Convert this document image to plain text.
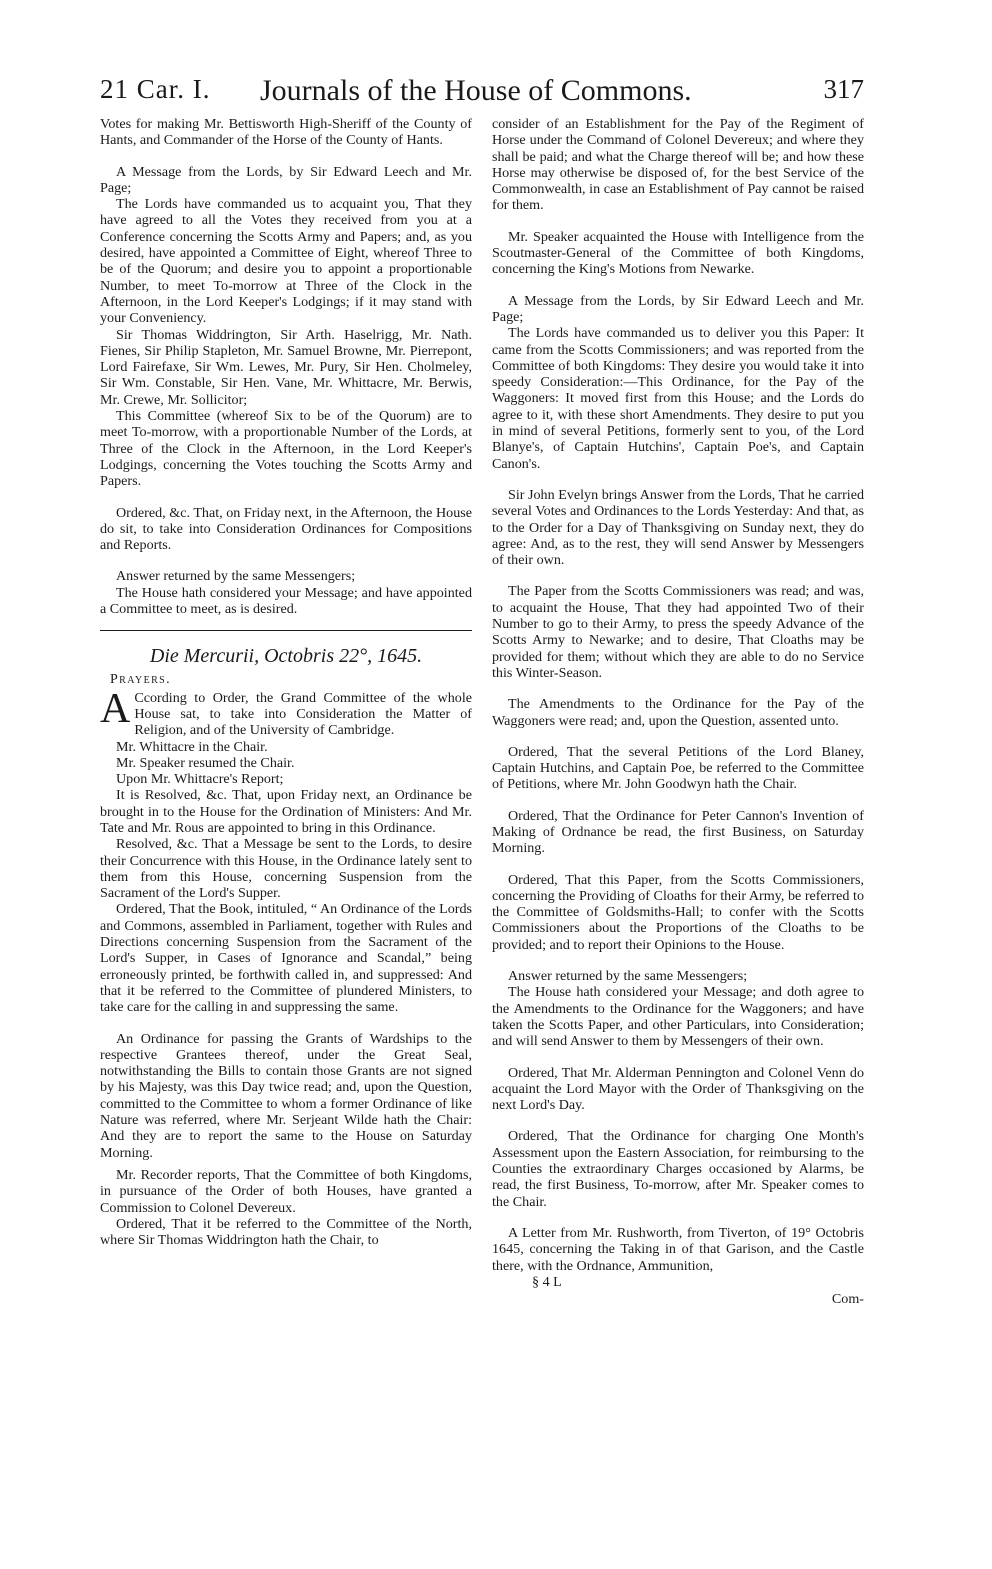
21 Car. I. Journals of the House of Commons.	317

Votes for making Mr. Bettisworth High-Sheriff of the County of Hants, and Commander of the Horse of the County of Hants.

A Message from the Lords, by Sir Edward Leech and Mr. Page;

The Lords have commanded us to acquaint you, That they have agreed to all the Votes they received from you at a Conference concerning the Scotts Army and Papers; and, as you desired, have appointed a Committee of Eight, whereof Three to be of the Quorum; and desire you to appoint a proportionable Number, to meet To-morrow at Three of the Clock in the Afternoon, in the Lord Keeper's Lodgings; if it may stand with your Conveniency.

Sir Thomas Widdrington, Sir Arth. Haselrigg, Mr. Nath. Fienes, Sir Philip Stapleton, Mr. Samuel Browne, Mr. Pierrepont, Lord Fairefaxe, Sir Wm. Lewes, Mr. Pury, Sir Hen. Cholmeley, Sir Wm. Constable, Sir Hen. Vane, Mr. Whittacre, Mr. Berwis, Mr. Crewe, Mr. Sollicitor;

This Committee (whereof Six to be of the Quorum) are to meet To-morrow, with a proportionable Number of the Lords, at Three of the Clock in the Afternoon, in the Lord Keeper's Lodgings, concerning the Votes touching the Scotts Army and Papers.

Ordered, &c. That, on Friday next, in the Afternoon, the House do sit, to take into Consideration Ordinances for Compositions and Reports.

Answer returned by the same Messengers;

The House hath considered your Message; and have appointed a Committee to meet, as is desired.

Die Mercurii, Octobris 22°, 1645.
Prayers.

A Ccording to Order, the Grand Committee of the whole House sat, to take into Consideration the Matter of Religion, and of the University of Cambridge.

Mr. Whittacre in the Chair.

Mr. Speaker resumed the Chair.

Upon Mr. Whittacre's Report;

It is Resolved, &c. That, upon Friday next, an Ordinance be brought in to the House for the Ordination of Ministers: And Mr. Tate and Mr. Rous are appointed to bring in this Ordinance.

Resolved, &c. That a Message be sent to the Lords, to desire their Concurrence with this House, in the Ordinance lately sent to them from this House, concerning Suspension from the Sacrament of the Lord's Supper.

Ordered, That the Book, intituled, “ An Ordinance of the Lords and Commons, assembled in Parliament, together with Rules and Directions concerning Suspension from the Sacrament of the Lord's Supper, in Cases of Ignorance and Scandal,” being erroneously printed, be forthwith called in, and suppressed: And that it be referred to the Committee of plundered Ministers, to take care for the calling in and suppressing the same.

An Ordinance for passing the Grants of Wardships to the respective Grantees thereof, under the Great Seal, notwithstanding the Bills to contain those Grants are not signed by his Majesty, was this Day twice read; and, upon the Question, committed to the Committee to whom a former Ordinance of like Nature was referred, where Mr. Serjeant Wilde hath the Chair: And they are to report the same to the House on Saturday Morning.

Mr. Recorder reports, That the Committee of both Kingdoms, in pursuance of the Order of both Houses, have granted a Commission to Colonel Devereux.

Ordered, That it be referred to the Committee of the North, where Sir Thomas Widdrington hath the Chair, to

consider of an Establishment for the Pay of the Regiment of Horse under the Command of Colonel Devereux; and where they shall be paid; and what the Charge thereof will be; and how these Horse may otherwise be disposed of, for the best Service of the Commonwealth, in case an Establishment of Pay cannot be raised for them.

Mr. Speaker acquainted the House with Intelligence from the Scoutmaster-General of the Committee of both Kingdoms, concerning the King's Motions from Newarke.

A Message from the Lords, by Sir Edward Leech and Mr. Page;

The Lords have commanded us to deliver you this Paper: It came from the Scotts Commissioners; and was reported from the Committee of both Kingdoms: They desire you would take it into speedy Consideration:—This Ordinance, for the Pay of the Waggoners: It moved first from this House; and the Lords do agree to it, with these short Amendments. They desire to put you in mind of several Petitions, formerly sent to you, of the Lord Blanye's, of Captain Hutchins', Captain Poe's, and Captain Canon's.

Sir John Evelyn brings Answer from the Lords, That he carried several Votes and Ordinances to the Lords Yesterday: And that, as to the Order for a Day of Thanksgiving on Sunday next, they do agree: And, as to the rest, they will send Answer by Messengers of their own.

The Paper from the Scotts Commissioners was read; and was, to acquaint the House, That they had appointed Two of their Number to go to their Army, to press the speedy Advance of the Scotts Army to Newarke; and to desire, That Cloaths may be provided for them; without which they are able to do no Service this Winter-Season.

The Amendments to the Ordinance for the Pay of the Waggoners were read; and, upon the Question, assented unto.

Ordered, That the several Petitions of the Lord Blaney, Captain Hutchins, and Captain Poe, be referred to the Committee of Petitions, where Mr. John Goodwyn hath the Chair.

Ordered, That the Ordinance for Peter Cannon's Invention of Making of Ordnance be read, the first Business, on Saturday Morning.

Ordered, That this Paper, from the Scotts Commissioners, concerning the Providing of Cloaths for their Army, be referred to the Committee of Goldsmiths-Hall; to confer with the Scotts Commissioners about the Proportions of the Cloaths to be provided; and to report their Opinions to the House.

Answer returned by the same Messengers;

The House hath considered your Message; and doth agree to the Amendments to the Ordinance for the Waggoners; and have taken the Scotts Paper, and other Particulars, into Consideration; and will send Answer to them by Messengers of their own.

Ordered, That Mr. Alderman Pennington and Colonel Venn do acquaint the Lord Mayor with the Order of Thanksgiving on the next Lord's Day.

Ordered, That the Ordinance for charging One Month's Assessment upon the Eastern Association, for reimbursing to the Counties the extraordinary Charges occasioned by Alarms, be read, the first Business, To-morrow, after Mr. Speaker comes to the Chair.

A Letter from Mr. Rushworth, from Tiverton, of 19° Octobris 1645, concerning the Taking in of that Garison, and the Castle there, with the Ordnance, Ammunition,

§ 4 L
Com-
